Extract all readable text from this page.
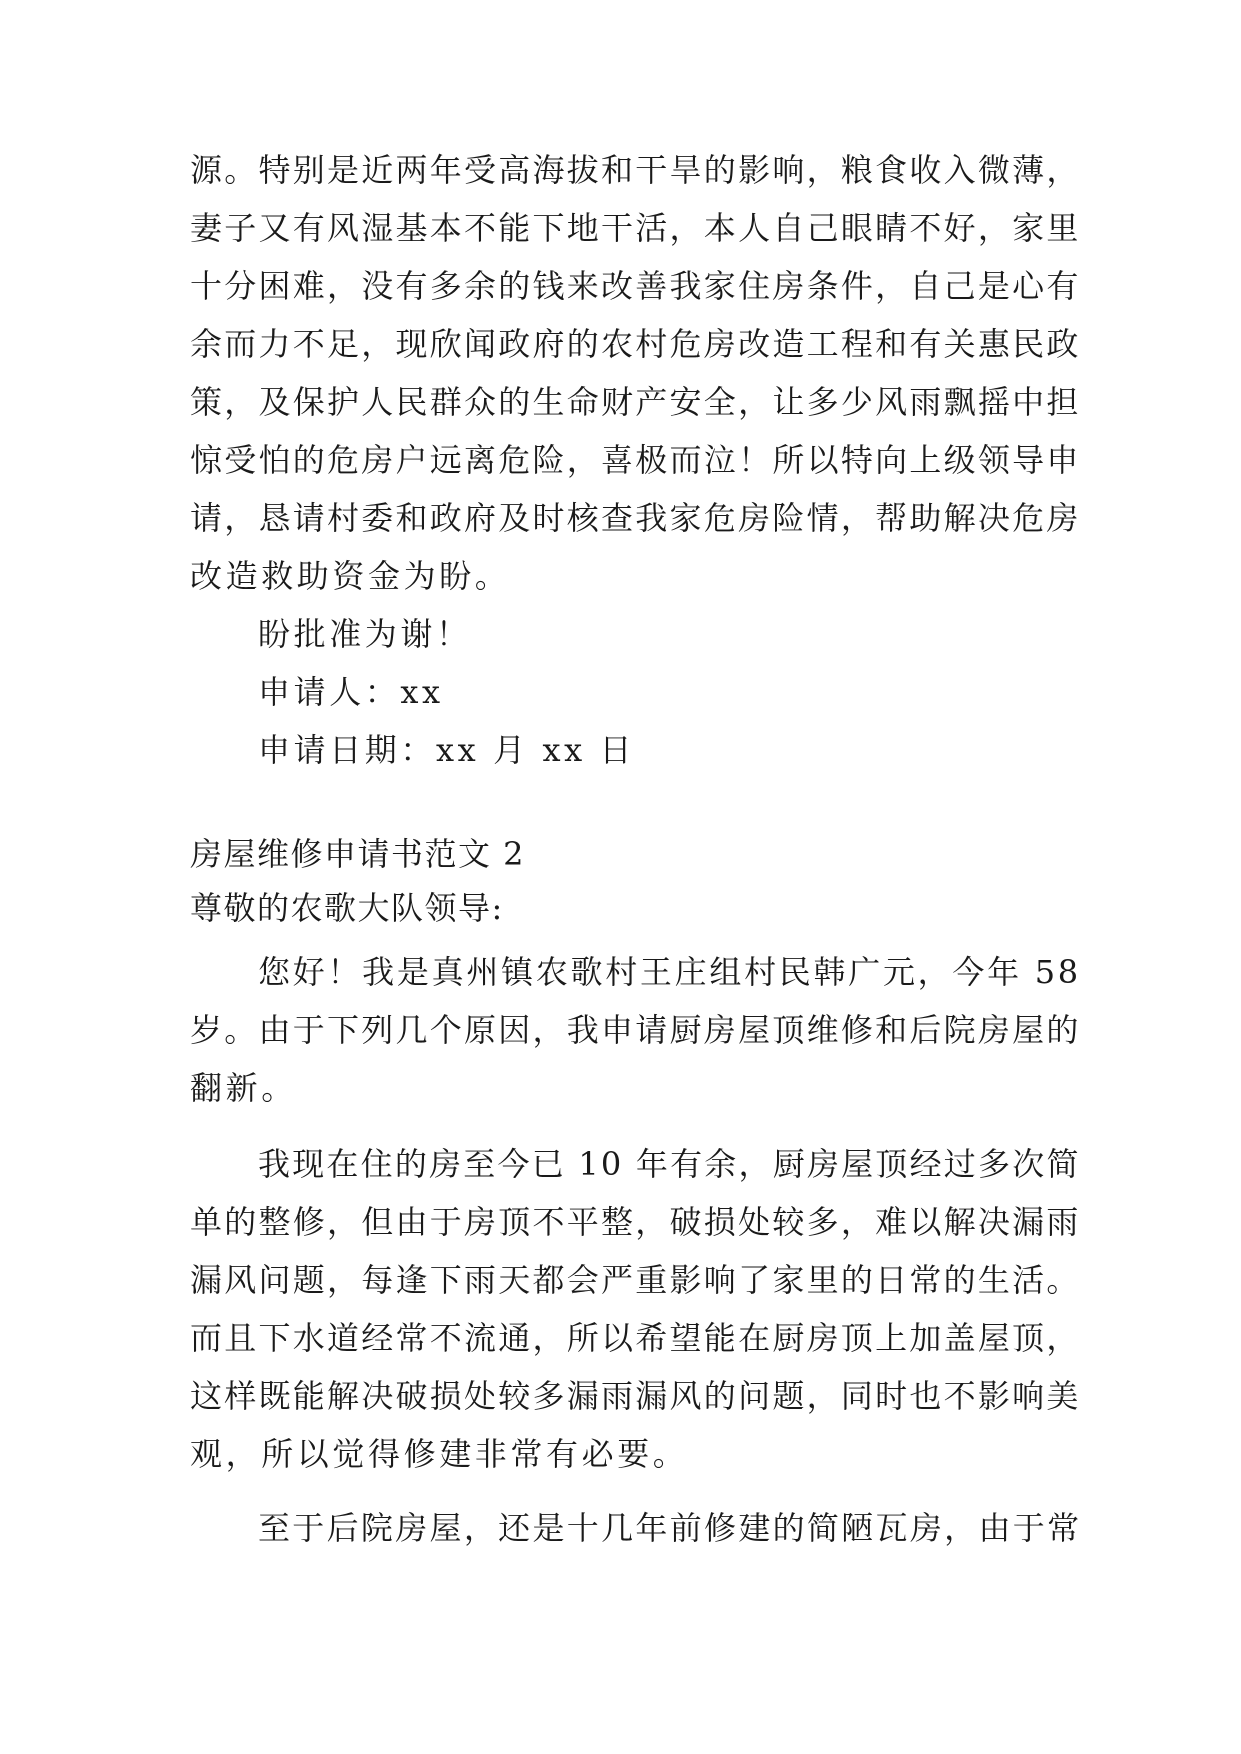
源。特别是近两年受高海拔和干旱的影响，粮食收入微薄，
妻子又有风湿基本不能下地干活，本人自己眼睛不好，家里
十分困难，没有多余的钱来改善我家住房条件，自己是心有
余而力不足，现欣闻政府的农村危房改造工程和有关惠民政
策，及保护人民群众的生命财产安全，让多少风雨飘摇中担
惊受怕的危房户远离危险，喜极而泣！所以特向上级领导申
请，恳请村委和政府及时核查我家危房险情，帮助解决危房
改造救助资金为盼。
盼批准为谢！
申请人：xx
申请日期：xx 月 xx 日
房屋维修申请书范文 2
尊敬的农歌大队领导:
您好！我是真州镇农歌村王庄组村民韩广元，今年 58
岁。由于下列几个原因，我申请厨房屋顶维修和后院房屋的
翻新。
我现在住的房至今已 10 年有余，厨房屋顶经过多次简
单的整修，但由于房顶不平整，破损处较多，难以解决漏雨
漏风问题，每逢下雨天都会严重影响了家里的日常的生活。
而且下水道经常不流通，所以希望能在厨房顶上加盖屋顶，
这样既能解决破损处较多漏雨漏风的问题，同时也不影响美
观，所以觉得修建非常有必要。
至于后院房屋，还是十几年前修建的简陋瓦房，由于常
